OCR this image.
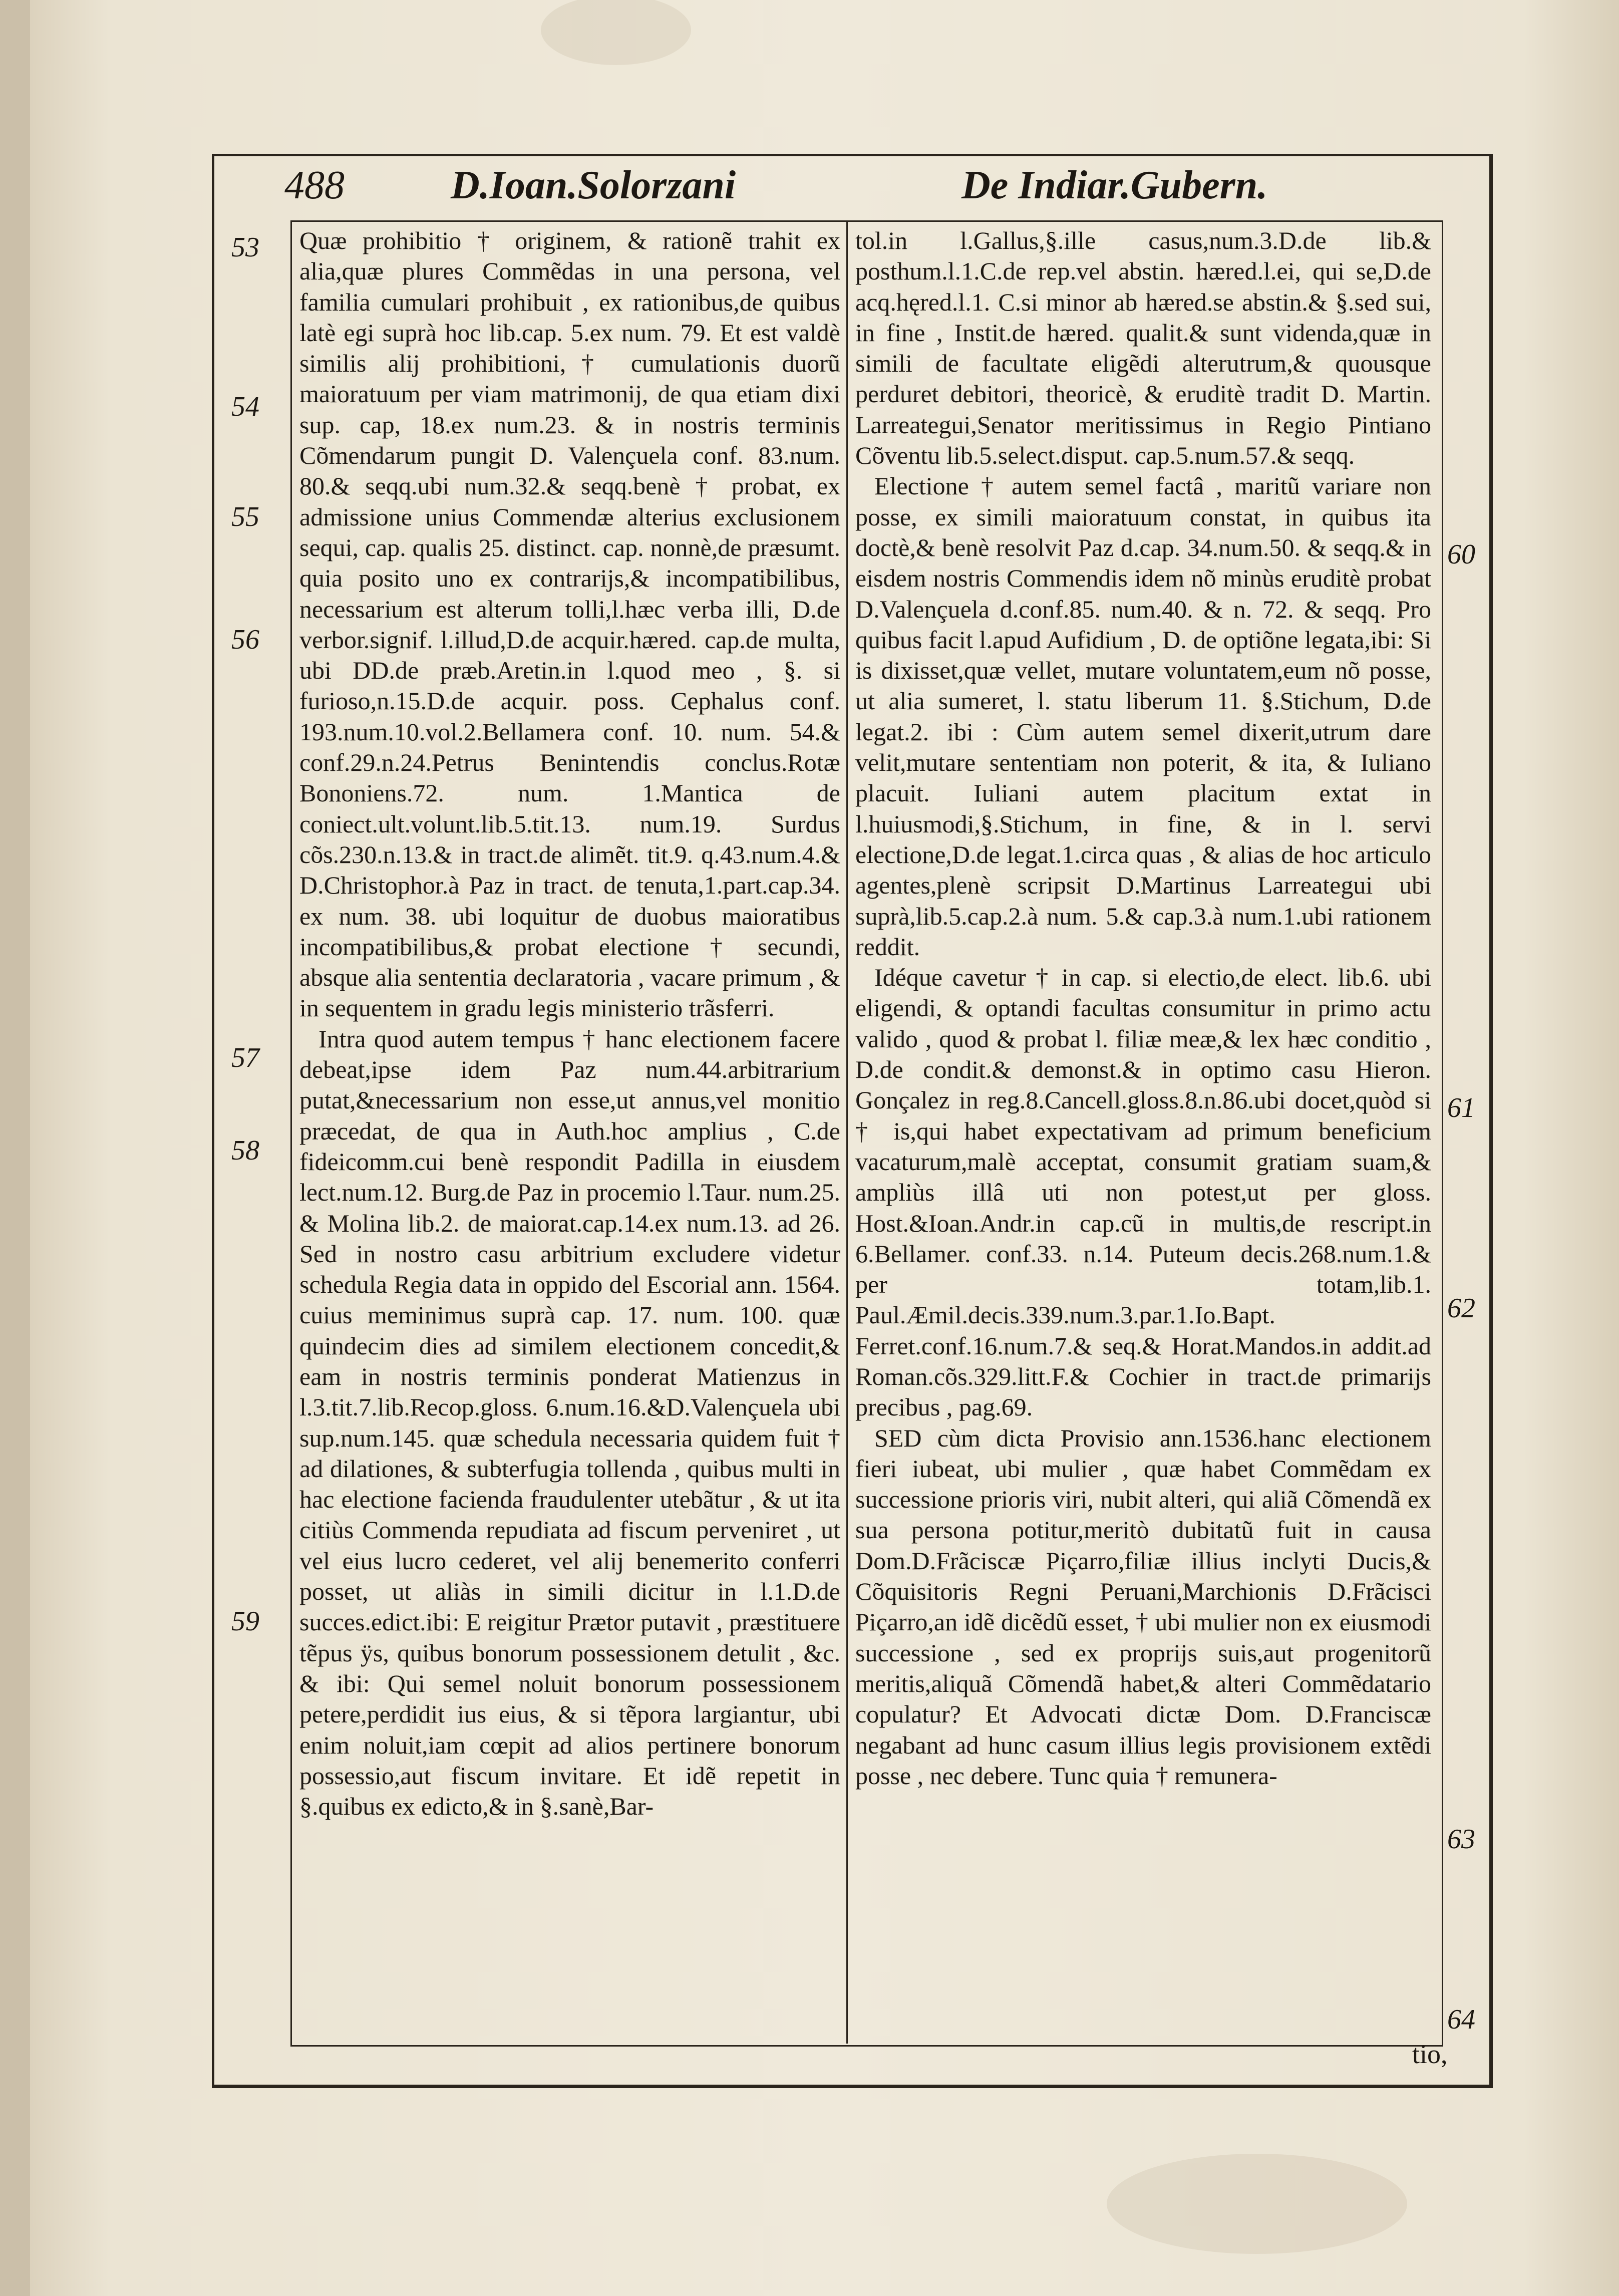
488	D.Ioan.Solorzani	De Indiar.Gubern.

Quæ prohibitio † originem, & rationẽ trahit ex alia,quæ plures Commẽdas in una persona, vel familia cumulari prohibuit , ex rationibus,de quibus latè egi suprà hoc lib.cap. 5.ex num. 79. Et est valdè similis alij prohibitioni,† cumulationis duorũ maioratuum per viam matrimonij, de qua etiam dixi sup. cap, 18.ex num.23. & in nostris terminis Cõmendarum pungit D. Valençuela conf. 83.num. 80.& seqq.ubi num.32.& seqq.benè † probat, ex admissione unius Commendæ alterius exclusionem sequi, cap. qualis 25. distinct. cap. nonnè,de præsumt. quia posito uno ex contrarijs,& incompatibilibus, necessarium est alterum tolli,l.hæc verba illi, D.de verbor.signif. l.illud,D.de acquir.hæred. cap.de multa, ubi DD.de præb.Aretin.in l.quod meo , §. si furioso,n.15.D.de acquir. poss. Cephalus conf. 193.num.10.vol.2.Bellamera conf. 10. num. 54.& conf.29.n.24.Petrus Benintendis conclus.Rotæ Bononiens.72. num. 1.Mantica de coniect.ult.volunt.lib.5.tit.13. num.19. Surdus cõs.230.n.13.& in tract.de alimẽt. tit.9. q.43.num.4.& D.Christophor.à Paz in tract. de tenuta,1.part.cap.34. ex num. 38. ubi loquitur de duobus maioratibus incompatibilibus,& probat electione † secundi, absque alia sententia declaratoria , vacare primum , & in sequentem in gradu legis ministerio trãsferri.

Intra quod autem tempus † hanc electionem facere debeat,ipse idem Paz num.44.arbitrarium putat,&necessarium non esse,ut annus,vel monitio præcedat, de qua in Auth.hoc amplius , C.de fideicomm.cui benè respondit Padilla in eiusdem lect.num.12. Burg.de Paz in procemio l.Taur. num.25. & Molina lib.2. de maiorat.cap.14.ex num.13. ad 26. Sed in nostro casu arbitrium excludere videtur schedula Regia data in oppido del Escorial ann. 1564. cuius meminimus suprà cap. 17. num. 100. quæ quindecim dies ad similem electionem concedit,& eam in nostris terminis ponderat Matienzus in l.3.tit.7.lib.Recop.gloss. 6.num.16.&D.Valençuela ubi sup.num.145. quæ schedula necessaria quidem fuit † ad dilationes, & subterfugia tollenda , quibus multi in hac electione facienda fraudulenter utebãtur , & ut ita citiùs Commenda repudiata ad fiscum perveniret , ut vel eius lucro cederet, vel alij benemerito conferri posset, ut aliàs in simili dicitur in l.1.D.de succes.edict.ibi: E reigitur Prætor putavit , præstituere tẽpus ÿs, quibus bonorum possessionem detulit , &c. & ibi: Qui semel noluit bonorum possessionem petere,perdidit ius eius, & si tẽpora largiantur, ubi enim noluit,iam cœpit ad alios pertinere bonorum possessio,aut fiscum invitare. Et idẽ repetit in §.quibus ex edicto,& in §.sanè,Bar-

tol.in l.Gallus,§.ille casus,num.3.D.de lib.& posthum.l.1.C.de rep.vel abstin. hæred.l.ei, qui se,D.de acq.hęred.l.1. C.si minor ab hæred.se abstin.& §.sed sui, in fine , Instit.de hæred. qualit.& sunt videnda,quæ in simili de facultate eligẽdi alterutrum,& quousque perduret debitori, theoricè, & eruditè tradit D. Martin. Larreategui,Senator meritissimus in Regio Pintiano Cõventu lib.5.select.disput. cap.5.num.57.& seqq.

Electione † autem semel factâ , maritũ variare non posse, ex simili maioratuum constat, in quibus ita doctè,& benè resolvit Paz d.cap. 34.num.50. & seqq.& in eisdem nostris Commendis idem nõ minùs eruditè probat D.Valençuela d.conf.85. num.40. & n. 72. & seqq. Pro quibus facit l.apud Aufidium , D. de optiõne legata,ibi: Si is dixisset,quæ vellet, mutare voluntatem,eum nõ posse, ut alia sumeret, l. statu liberum 11. §.Stichum, D.de legat.2. ibi : Cùm autem semel dixerit,utrum dare velit,mutare sententiam non poterit, & ita, & Iuliano placuit. Iuliani autem placitum extat in l.huiusmodi,§.Stichum, in fine, & in l. servi electione,D.de legat.1.circa quas , & alias de hoc articulo agentes,plenè scripsit D.Martinus Larreategui ubi suprà,lib.5.cap.2.à num. 5.& cap.3.à num.1.ubi rationem reddit.

Idéque cavetur † in cap. si electio,de elect. lib.6. ubi eligendi, & optandi facultas consumitur in primo actu valido , quod & probat l. filiæ meæ,& lex hæc conditio , D.de condit.& demonst.& in optimo casu Hieron. Gonçalez in reg.8.Cancell.gloss.8.n.86.ubi docet,quòd si † is,qui habet expectativam ad primum beneficium vacaturum,malè acceptat, consumit gratiam suam,& ampliùs illâ uti non potest,ut per gloss. Host.&Ioan.Andr.in cap.cũ in multis,de rescript.in 6.Bellamer. conf.33. n.14. Puteum decis.268.num.1.& per totam,lib.1. Paul.Æmil.decis.339.num.3.par.1.Io.Bapt. Ferret.conf.16.num.7.& seq.& Horat.Mandos.in addit.ad Roman.cõs.329.litt.F.& Cochier in tract.de primarijs precibus , pag.69.

SED cùm dicta Provisio ann.1536.hanc electionem fieri iubeat, ubi mulier , quæ habet Commẽdam ex successione prioris viri, nubit alteri, qui aliã Cõmendã ex sua persona potitur,meritò dubitatũ fuit in causa Dom.D.Frãciscæ Piçarro,filiæ illius inclyti Ducis,& Cõquisitoris Regni Peruani,Marchionis D.Frãcisci Piçarro,an idẽ dicẽdũ esset, † ubi mulier non ex eiusmodi successione , sed ex proprijs suis,aut progenitorũ meritis,aliquã Cõmendã habet,& alteri Commẽdatario copulatur? Et Advocati dictæ Dom. D.Franciscæ negabant ad hunc casum illius legis provisionem extẽdi posse , nec debere. Tunc quia † remunera-

53
54
55
56
57
58
59
60
61
62
63
64
tio,
